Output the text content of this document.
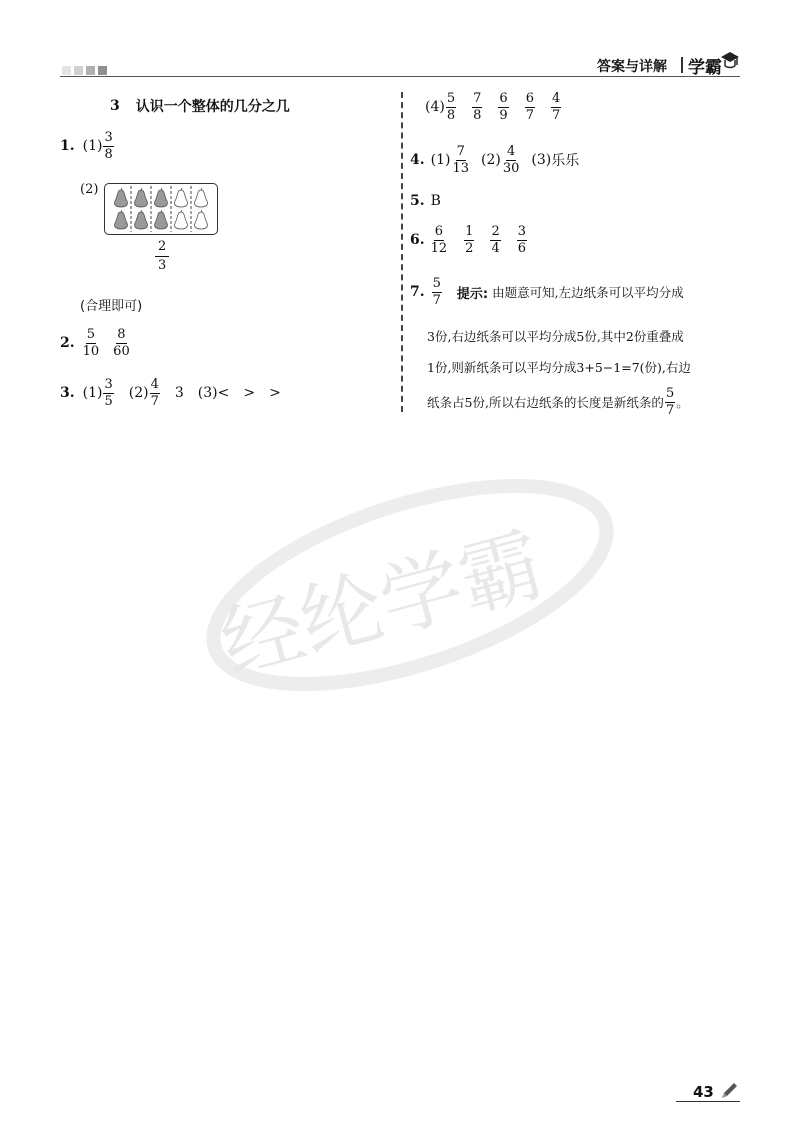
答案与详解 学霸
经纶学霸
3 认识一个整体的几分之几
1. $(1) \frac{3}{8}$
(2)
$\frac{2}{3}$
(合理即可)
2. $\frac{5}{10} \frac{8}{60}$
3. $(1) \frac{3}{5} (2) \frac{4}{7} 3$ (3) < > >
$(4) \frac{5}{8} \frac{7}{8} \frac{6}{9} \frac{6}{7} \frac{4}{7}$
4. $(1) \frac{7}{13} (2) \frac{4}{30} (3)$ 乐乐
5. B
6. $\frac{6}{12} \frac{1}{2} \frac{2}{4} \frac{3}{6}$
7. $\frac{5}{7}$ 提示: 由题意可知,左边纸条可以平均分成
3份,右边纸条可以平均分成5份,其中2份重叠成
1份,则新纸条可以平均分成3+5−1=7(份),右边
纸条占5份,所以右边纸条的长度是新纸条的 $\frac{5}{7}$ 。
43
